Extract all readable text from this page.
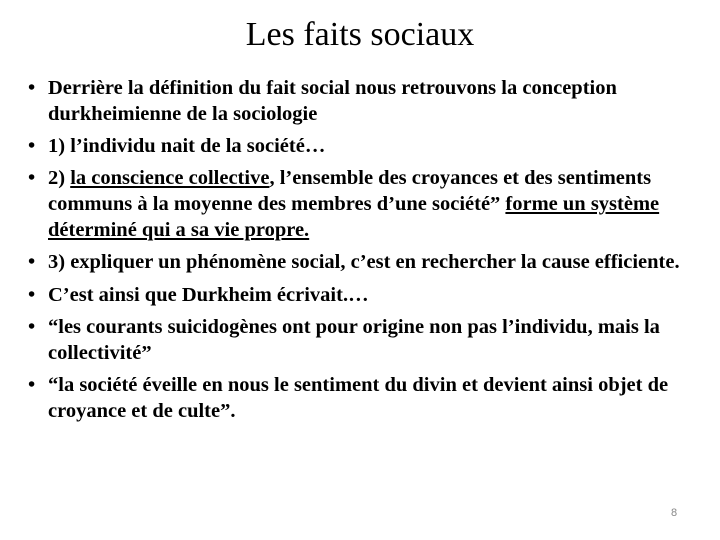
Les faits sociaux
• Derrière la définition du fait social nous retrouvons la conception durkheimienne de la sociologie
• 1) l’individu nait de la société…
• 2) la conscience collective, l’ensemble des croyances et des sentiments communs à la moyenne des membres d’une société” forme un système déterminé qui a sa vie propre.
• 3) expliquer un phénomène social, c’est en rechercher la cause efficiente.
• C’est ainsi que Durkheim écrivait.…
• “les courants suicidogènes ont pour origine non pas l’individu, mais la collectivité”
• “la société éveille en nous le sentiment du divin et devient ainsi objet de croyance et de culte”.
8
